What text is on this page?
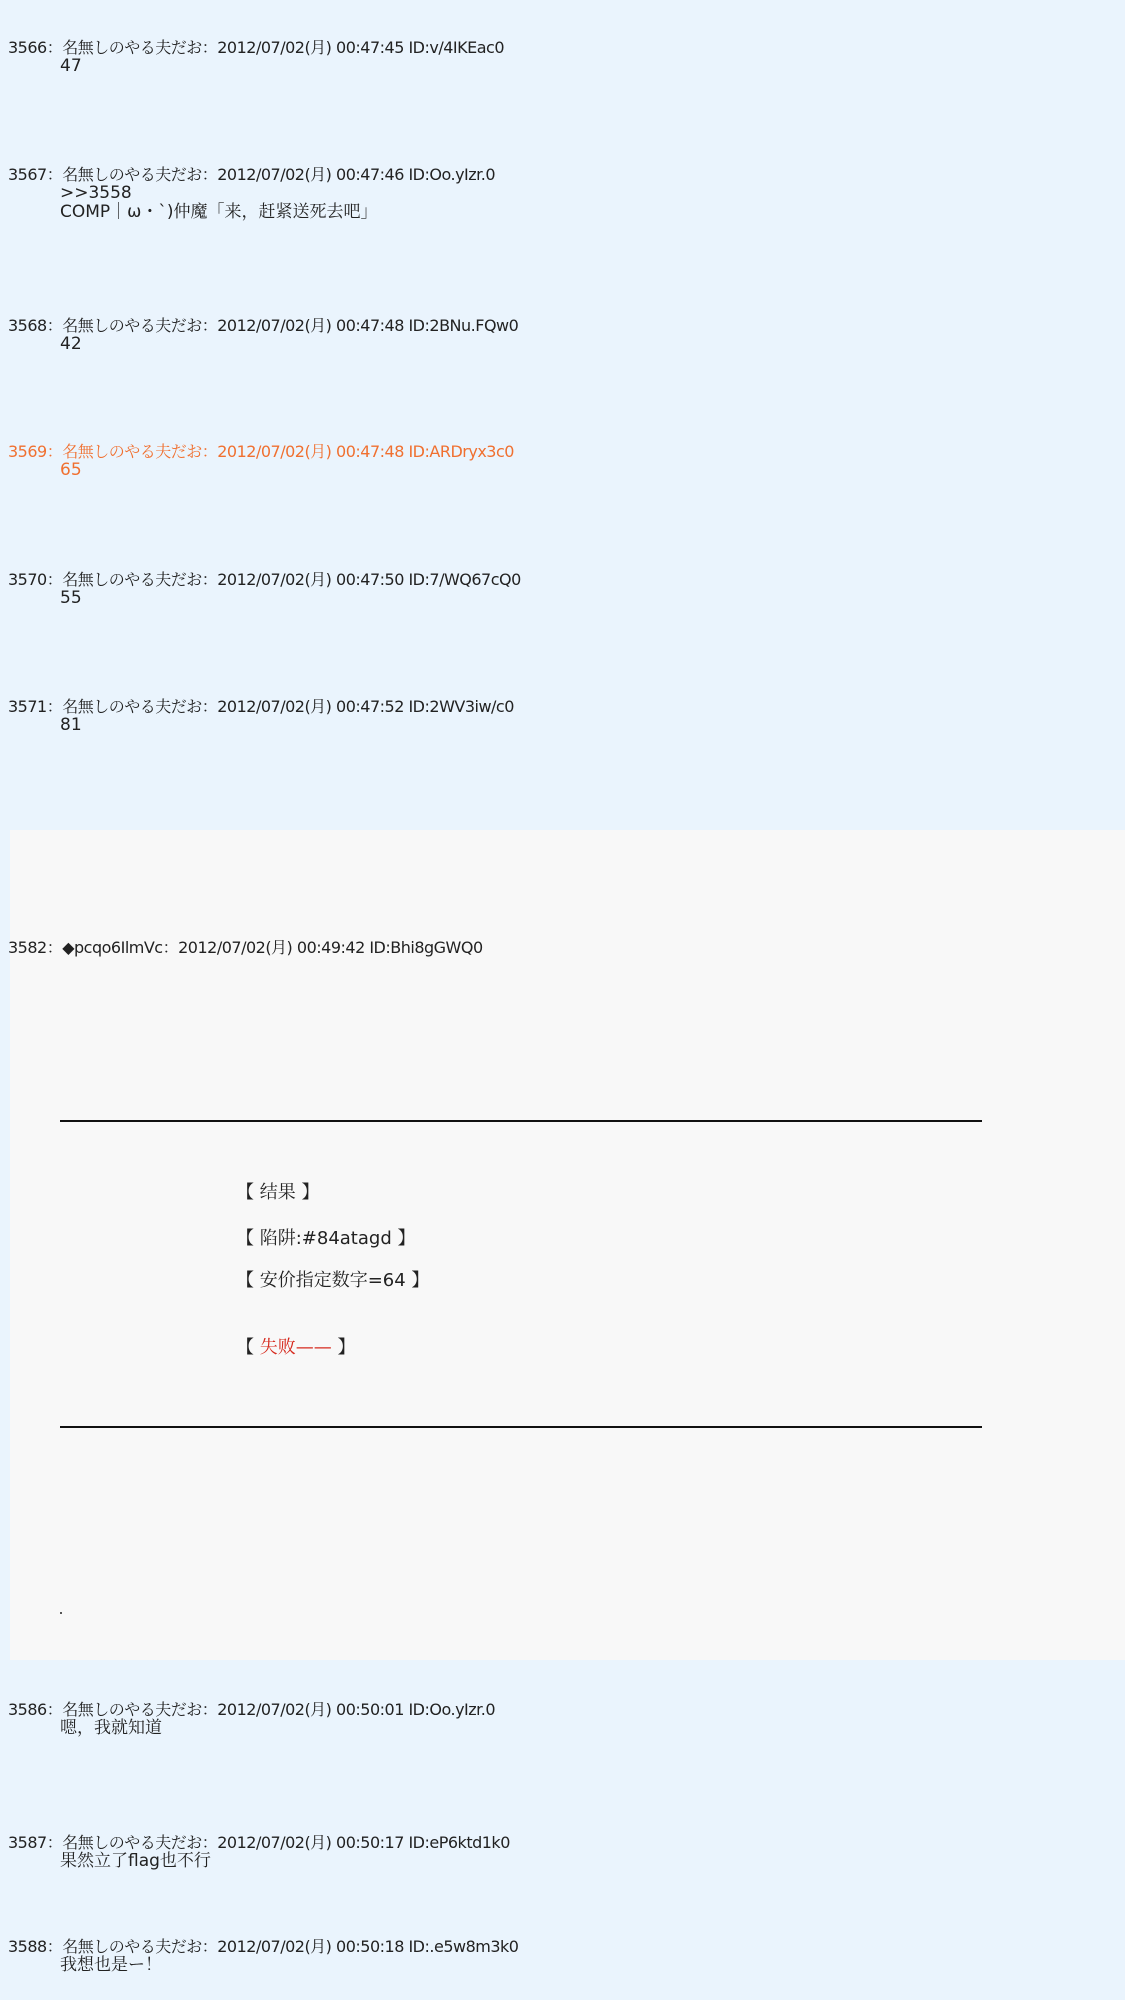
3566：名無しのやる夫だお：2012/07/02(月) 00:47:45 ID:v/4IKEac0
47
3567：名無しのやる夫だお：2012/07/02(月) 00:47:46 ID:Oo.yIzr.0
>>3558
COMP｜ω・`)仲魔「来，赶紧送死去吧」
3568：名無しのやる夫だお：2012/07/02(月) 00:47:48 ID:2BNu.FQw0
42
3569：名無しのやる夫だお：2012/07/02(月) 00:47:48 ID:ARDryx3c0
65
3570：名無しのやる夫だお：2012/07/02(月) 00:47:50 ID:7/WQ67cQ0
55
3571：名無しのやる夫だお：2012/07/02(月) 00:47:52 ID:2WV3iw/c0
81
3582：◆pcqo6IlmVc：2012/07/02(月) 00:49:42 ID:Bhi8gGWQ0
【 结果 】
【 陷阱:#84atagd 】
【 安价指定数字=64 】
【 失败—— 】
3586：名無しのやる夫だお：2012/07/02(月) 00:50:01 ID:Oo.yIzr.0
嗯，我就知道
3587：名無しのやる夫だお：2012/07/02(月) 00:50:17 ID:eP6ktd1k0
果然立了flag也不行
3588：名無しのやる夫だお：2012/07/02(月) 00:50:18 ID:.e5w8m3k0
我想也是ー！
